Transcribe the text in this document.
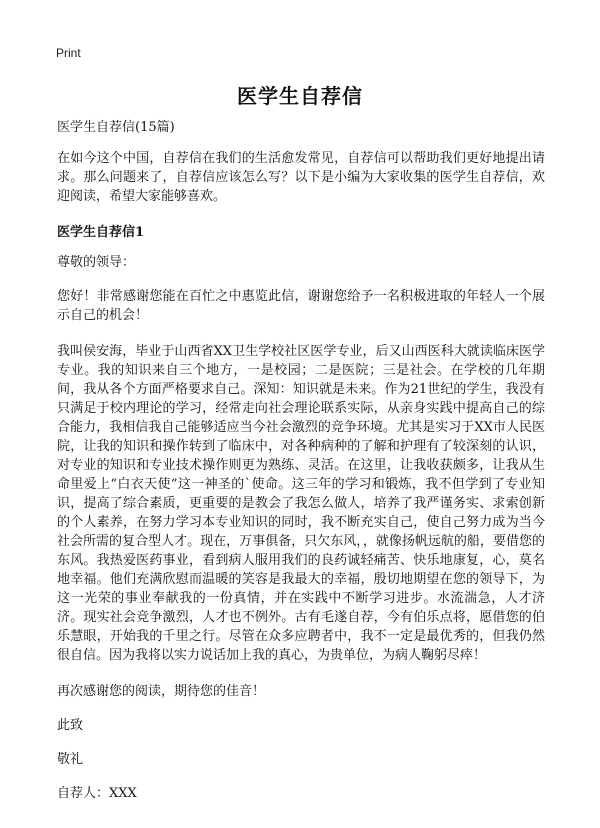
Print
医学生自荐信

医学生自荐信(15篇)

在如今这个中国，自荐信在我们的生活愈发常见，自荐信可以帮助我们更好地提出请求。那么问题来了，自荐信应该怎么写？以下是小编为大家收集的医学生自荐信，欢迎阅读，希望大家能够喜欢。

医学生自荐信1

尊敬的领导：

您好！非常感谢您能在百忙之中惠览此信，谢谢您给予一名积极进取的年轻人一个展示自己的机会！

我叫侯安海，毕业于山西省XX卫生学校社区医学专业，后又山西医科大就读临床医学专业。我的知识来自三个地方，一是校园；二是医院；三是社会。在学校的几年期间，我从各个方面严格要求自己。深知：知识就是未来。作为21世纪的学生，我没有只满足于校内理论的学习，经常走向社会理论联系实际，从亲身实践中提高自己的综合能力，我相信我自己能够适应当今社会激烈的竞争环境。尤其是实习于XX市人民医院，让我的知识和操作转到了临床中，对各种病种的了解和护理有了较深刻的认识，对专业的知识和专业技术操作则更为熟练、灵活。在这里，让我收获颇多，让我从生命里爱上“白衣天使”这一神圣的`使命。这三年的学习和锻炼，我不但学到了专业知识，提高了综合素质，更重要的是教会了我怎么做人，培养了我严谨务实、求索创新的个人素养，在努力学习本专业知识的同时，我不断充实自己，使自己努力成为当今社会所需的复合型人才。现在，万事俱备，只欠东风，，就像扬帆远航的船，要借您的东风。我热爱医药事业，看到病人服用我们的良药诚轻痛苦、快乐地康复，心，莫名地幸福。他们充满欣慰而温暖的笑容是我最大的幸福，殷切地期望在您的领导下，为这一光荣的事业奉献我的一份真情，并在实践中不断学习进步。水流湍急，人才济济。现实社会竞争激烈，人才也不例外。古有毛遂自荐，今有伯乐点将，愿借您的伯乐慧眼，开始我的千里之行。尽管在众多应聘者中，我不一定是最优秀的，但我仍然很自信。因为我将以实力说话加上我的真心，为贵单位，为病人鞠躬尽瘁！

再次感谢您的阅读，期待您的佳音！

此致

敬礼

自荐人：XXX
